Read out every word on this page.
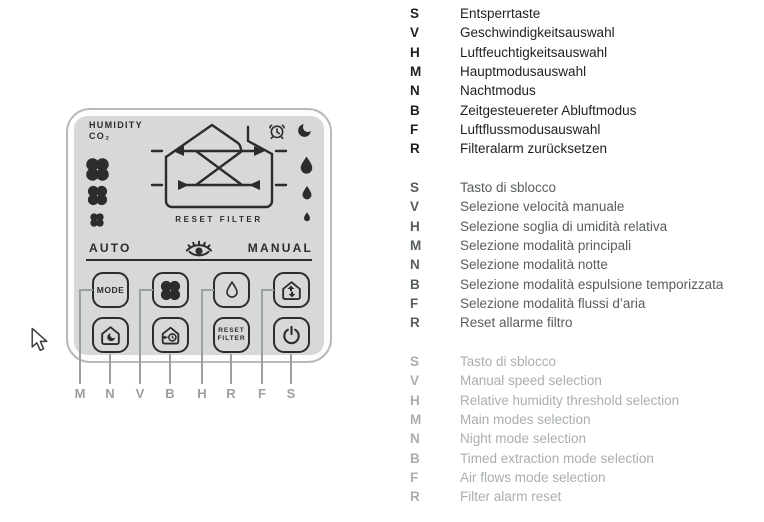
HUMIDITY
CO₂
RESET FILTER
AUTO	MANUAL
MODE
RESET
FILTER
M	N	V	B	H	R	F	S
S	Entsperrtaste
V	Geschwindigkeitsauswahl
H	Luftfeuchtigkeitsauswahl
M	Hauptmodusauswahl
N	Nachtmodus
B	Zeitgesteuereter Abluftmodus
F	Luftflussmodusauswahl
R	Filteralarm zurücksetzen
S	Tasto di sblocco
V	Selezione velocità manuale
H	Selezione soglia di umidità relativa
M	Selezione modalità principali
N	Selezione modalità notte
B	Selezione modalità espulsione temporizzata
F	Selezione modalità flussi d’aria
R	Reset allarme filtro
S	Tasto di sblocco
V	Manual speed selection
H	Relative humidity threshold selection
M	Main modes selection
N	Night mode selection
B	Timed extraction mode selection
F	Air flows mode selection
R	Filter alarm reset
